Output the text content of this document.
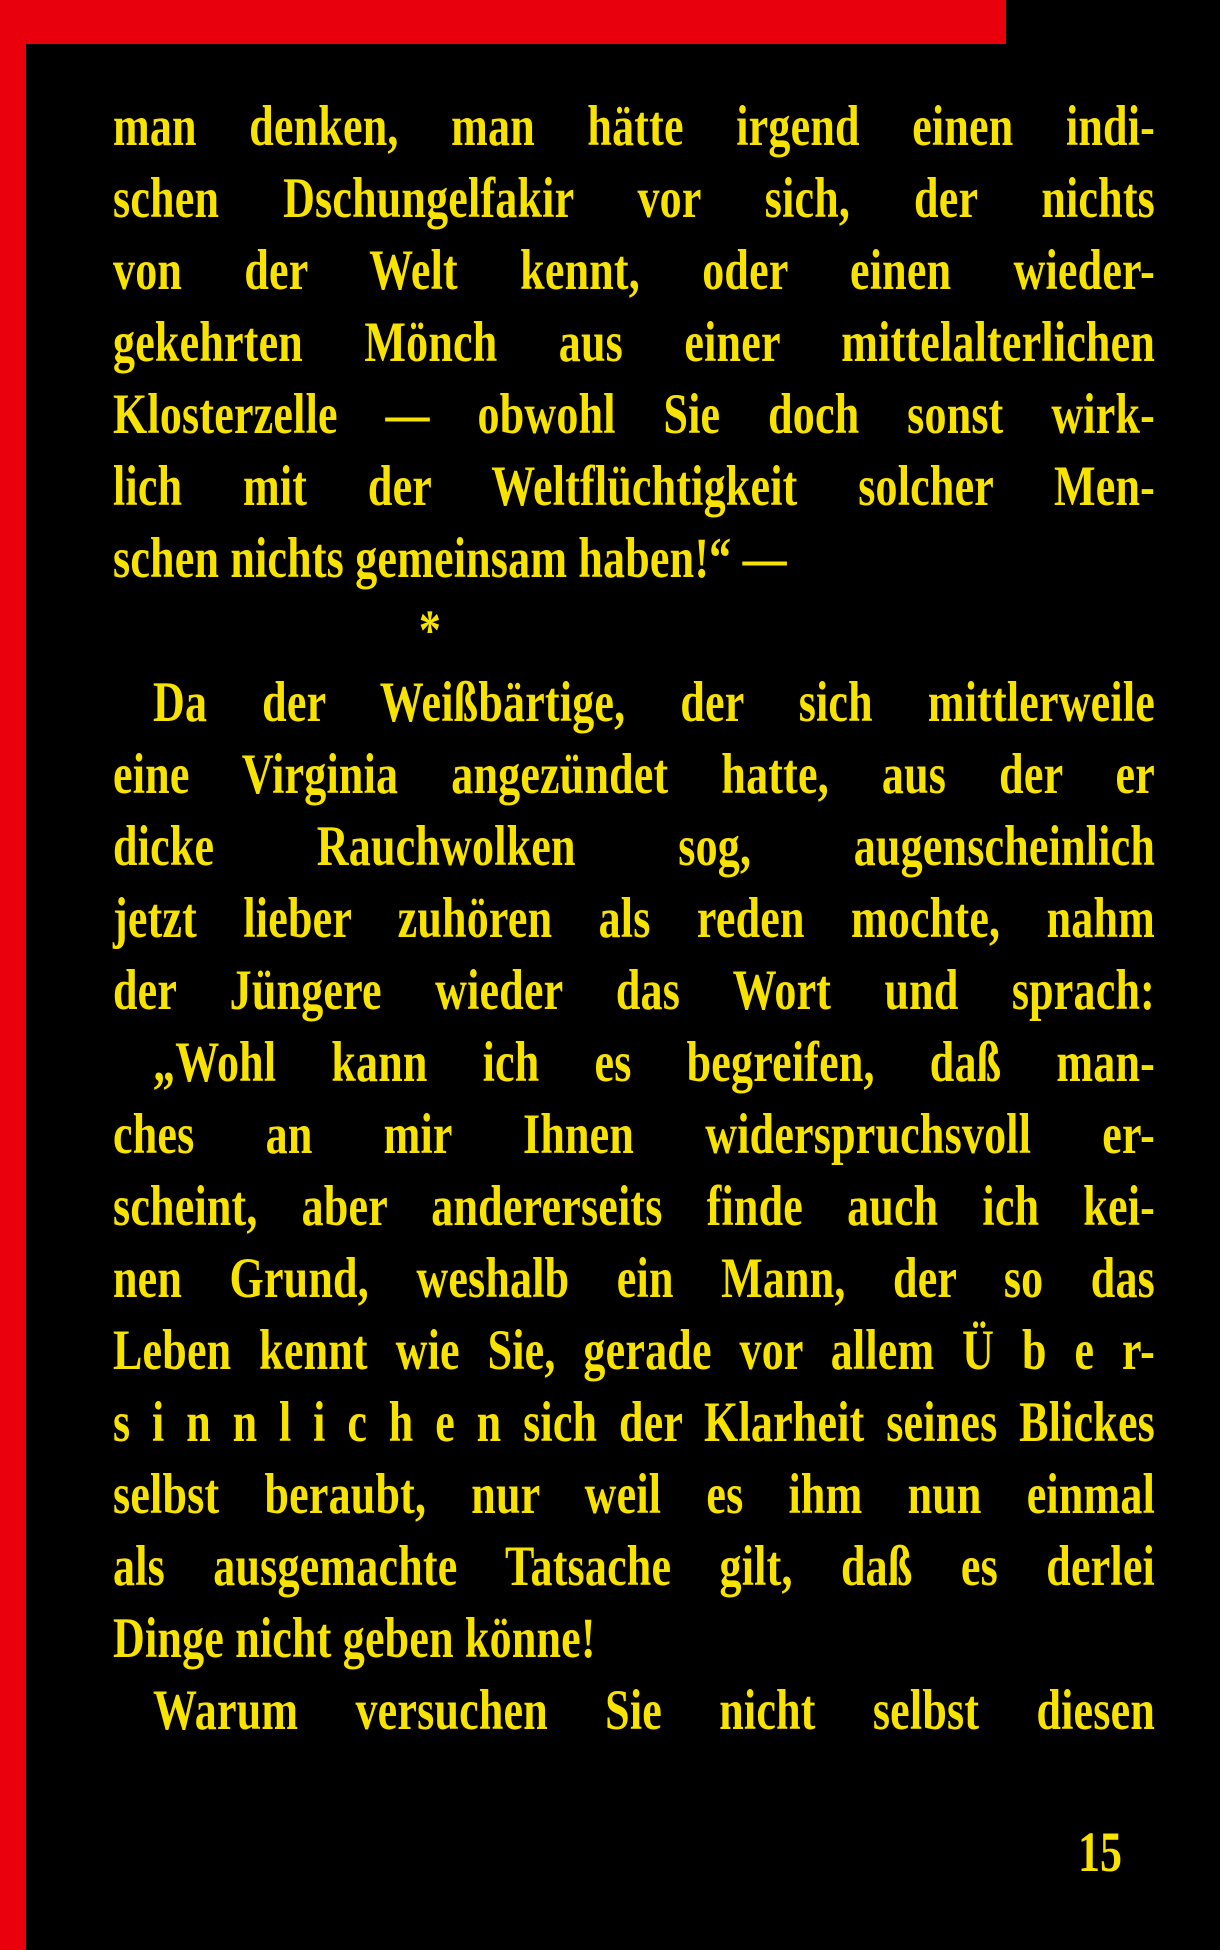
man denken, man hätte irgend einen indi-
schen Dschungelfakir vor sich, der nichts
von der Welt kennt, oder einen wieder-
gekehrten Mönch aus einer mittelalterlichen
Klosterzelle — obwohl Sie doch sonst wirk-
lich mit der Weltflüchtigkeit solcher Men-
schen nichts gemeinsam haben!“ —
*
Da der Weißbärtige, der sich mittlerweile
eine Virginia angezündet hatte, aus der er
dicke Rauchwolken sog, augenscheinlich
jetzt lieber zuhören als reden mochte, nahm
der Jüngere wieder das Wort und sprach:
„Wohl kann ich es begreifen, daß man-
ches an mir Ihnen widerspruchsvoll er-
scheint, aber andererseits finde auch ich kei-
nen Grund, weshalb ein Mann, der so das
Leben kennt wie Sie, gerade vor allem Ü b e r-
s i n n l i c h e n sich der Klarheit seines Blickes
selbst beraubt, nur weil es ihm nun einmal
als ausgemachte Tatsache gilt, daß es derlei
Dinge nicht geben könne!
Warum versuchen Sie nicht selbst diesen
15
